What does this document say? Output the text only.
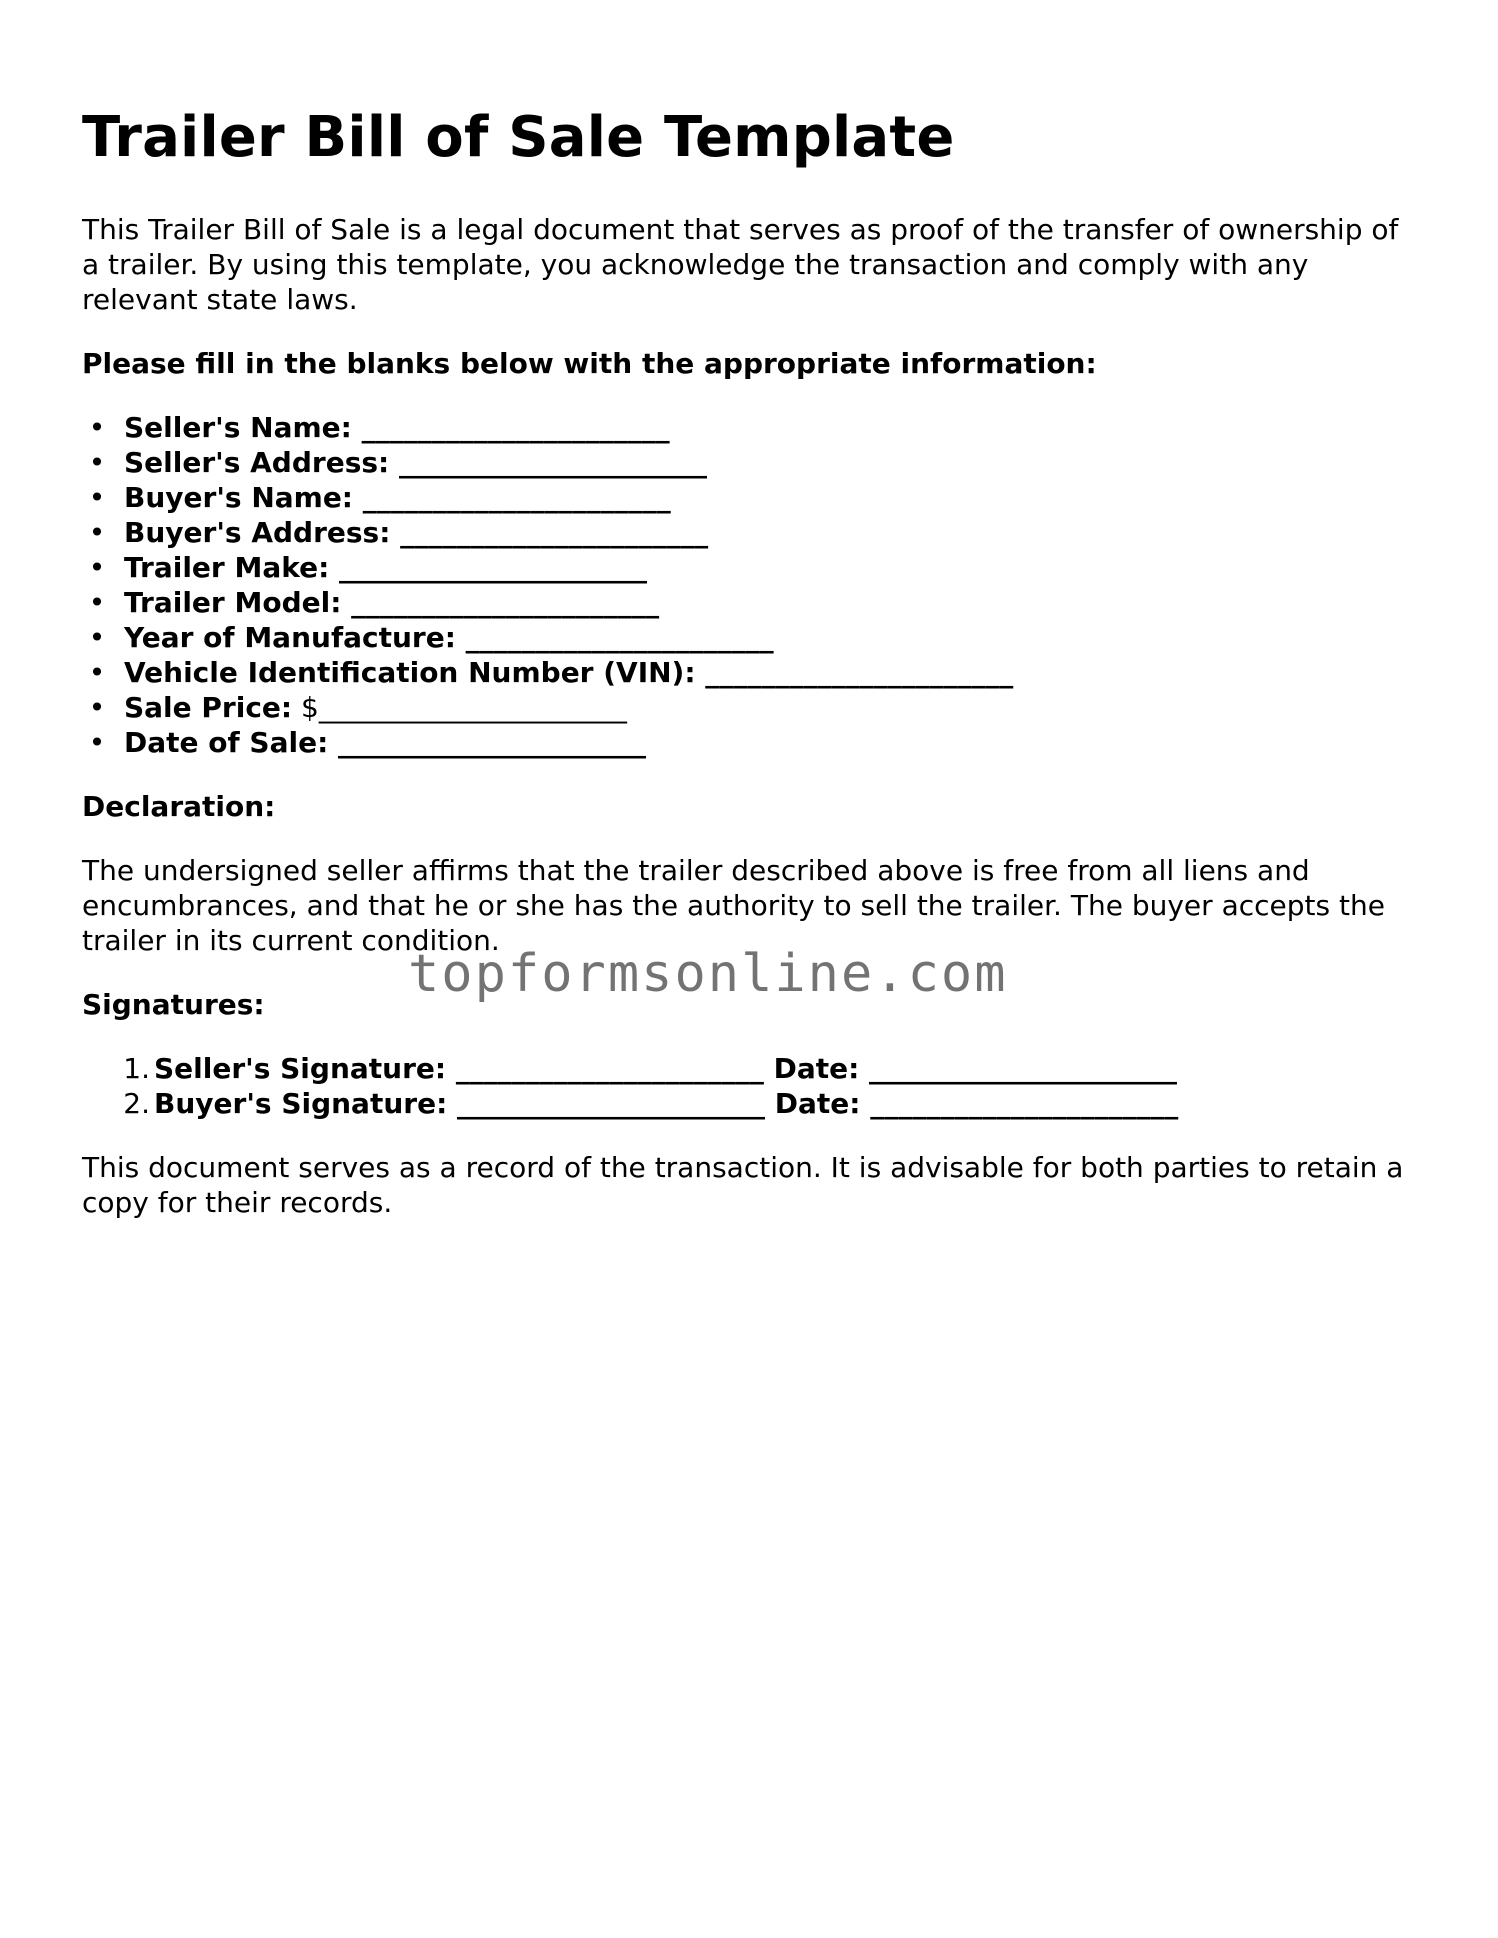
Trailer Bill of Sale Template

This Trailer Bill of Sale is a legal document that serves as proof of the transfer of ownership of a trailer. By using this template, you acknowledge the transaction and comply with any relevant state laws.

Please fill in the blanks below with the appropriate information:

• Seller's Name: ______________________
• Seller's Address: ______________________
• Buyer's Name: ______________________
• Buyer's Address: ______________________
• Trailer Make: ______________________
• Trailer Model: ______________________
• Year of Manufacture: ______________________
• Vehicle Identification Number (VIN): ______________________
• Sale Price: $______________________
• Date of Sale: ______________________

Declaration:

The undersigned seller affirms that the trailer described above is free from all liens and encumbrances, and that he or she has the authority to sell the trailer. The buyer accepts the trailer in its current condition.

Signatures:

1. Seller's Signature: ______________________ Date: ______________________
2. Buyer's Signature: ______________________ Date: ______________________

This document serves as a record of the transaction. It is advisable for both parties to retain a copy for their records.

topformsonline.com
